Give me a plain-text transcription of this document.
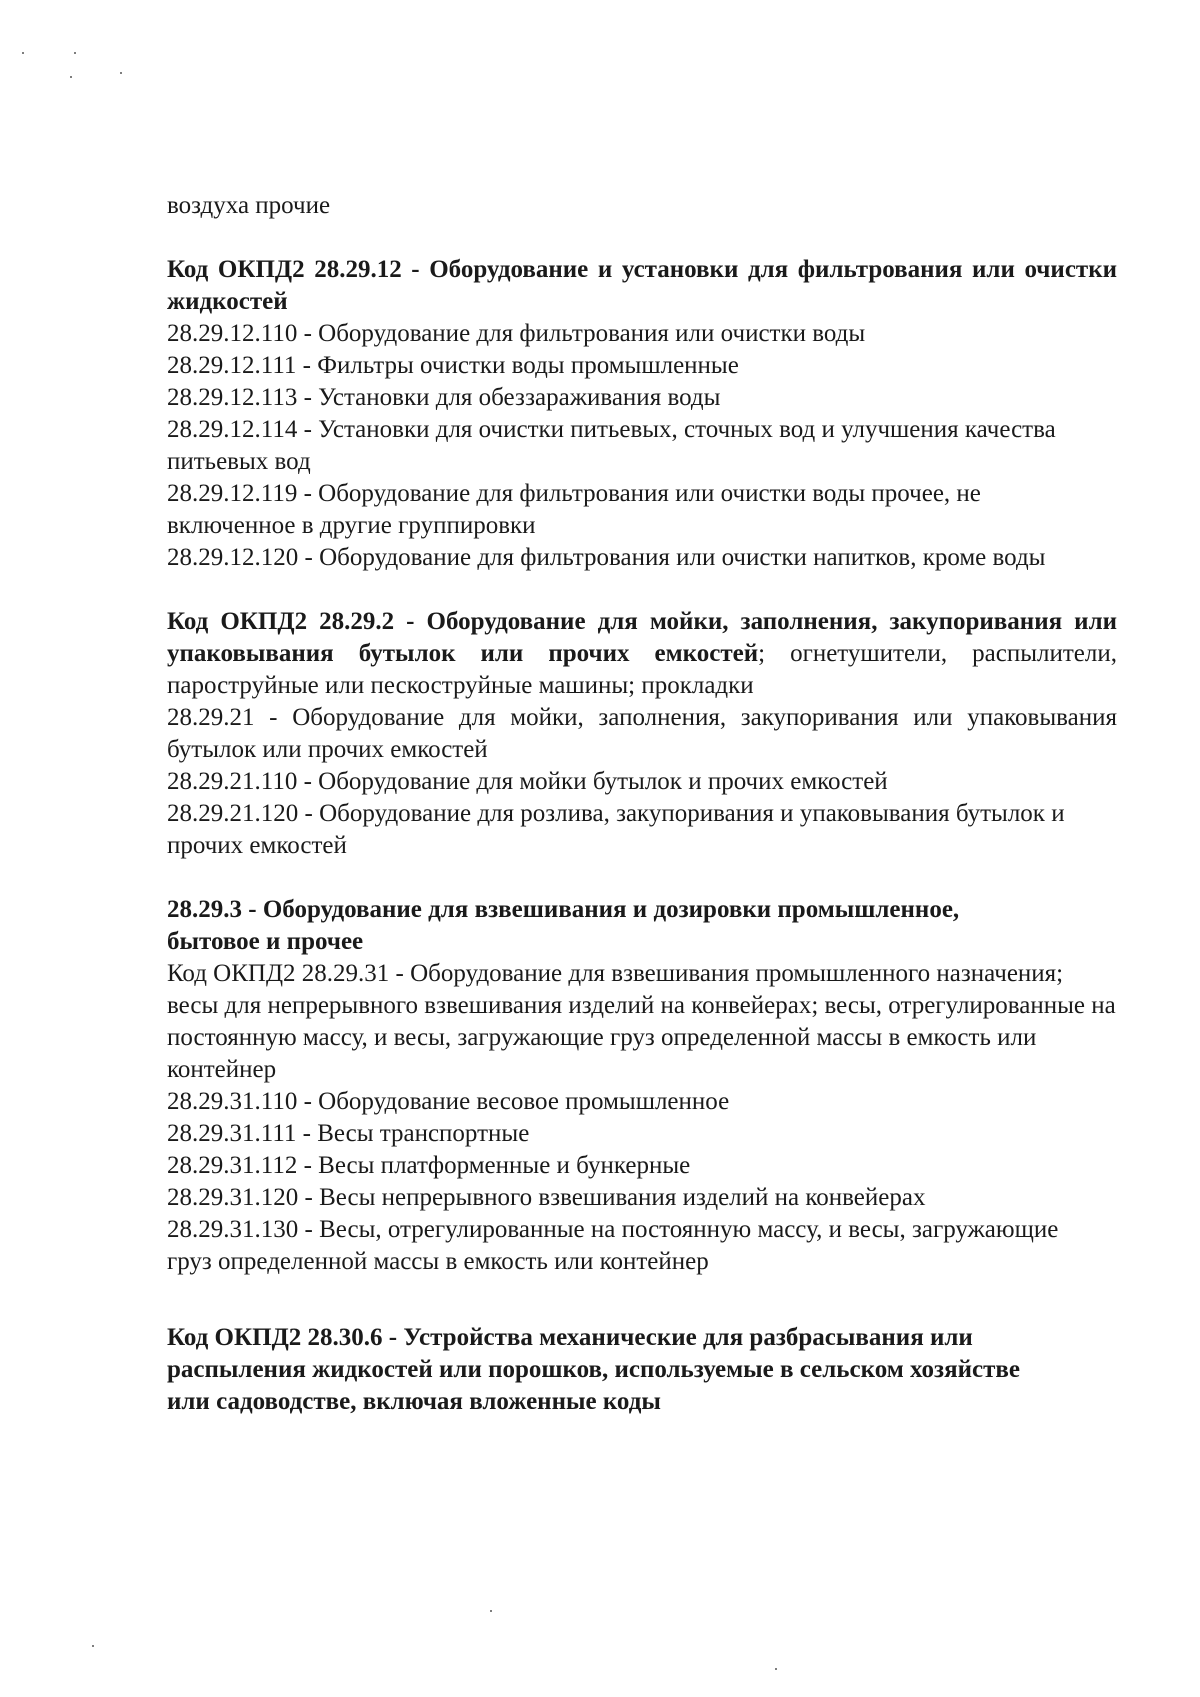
воздуха прочие

Код ОКПД2 28.29.12 - Оборудование и установки для фильтрования или очистки жидкостей

28.29.12.110 - Оборудование для фильтрования или очистки воды

28.29.12.111 - Фильтры очистки воды промышленные

28.29.12.113 - Установки для обеззараживания воды

28.29.12.114 - Установки для очистки питьевых, сточных вод и улучшения качества питьевых вод

28.29.12.119 - Оборудование для фильтрования или очистки воды прочее, не включенное в другие группировки

28.29.12.120 - Оборудование для фильтрования или очистки напитков, кроме воды

Код ОКПД2 28.29.2 - Оборудование для мойки, заполнения, закупоривания или упаковывания бутылок или прочих емкостей; огнетушители, распылители, пароструйные или пескоструйные машины; прокладки

28.29.21 - Оборудование для мойки, заполнения, закупоривания или упаковывания бутылок или прочих емкостей

28.29.21.110 - Оборудование для мойки бутылок и прочих емкостей

28.29.21.120 - Оборудование для розлива, закупоривания и упаковывания бутылок и прочих емкостей

28.29.3 - Оборудование для взвешивания и дозировки промышленное, бытовое и прочее

Код ОКПД2 28.29.31 - Оборудование для взвешивания промышленного назначения; весы для непрерывного взвешивания изделий на конвейерах; весы, отрегулированные на постоянную массу, и весы, загружающие груз определенной массы в емкость или контейнер

28.29.31.110 - Оборудование весовое промышленное

28.29.31.111 - Весы транспортные

28.29.31.112 - Весы платформенные и бункерные

28.29.31.120 - Весы непрерывного взвешивания изделий на конвейерах

28.29.31.130 - Весы, отрегулированные на постоянную массу, и весы, загружающие груз определенной массы в емкость или контейнер

Код ОКПД2 28.30.6 - Устройства механические для разбрасывания или распыления жидкостей или порошков, используемые в сельском хозяйстве или садоводстве, включая вложенные коды
